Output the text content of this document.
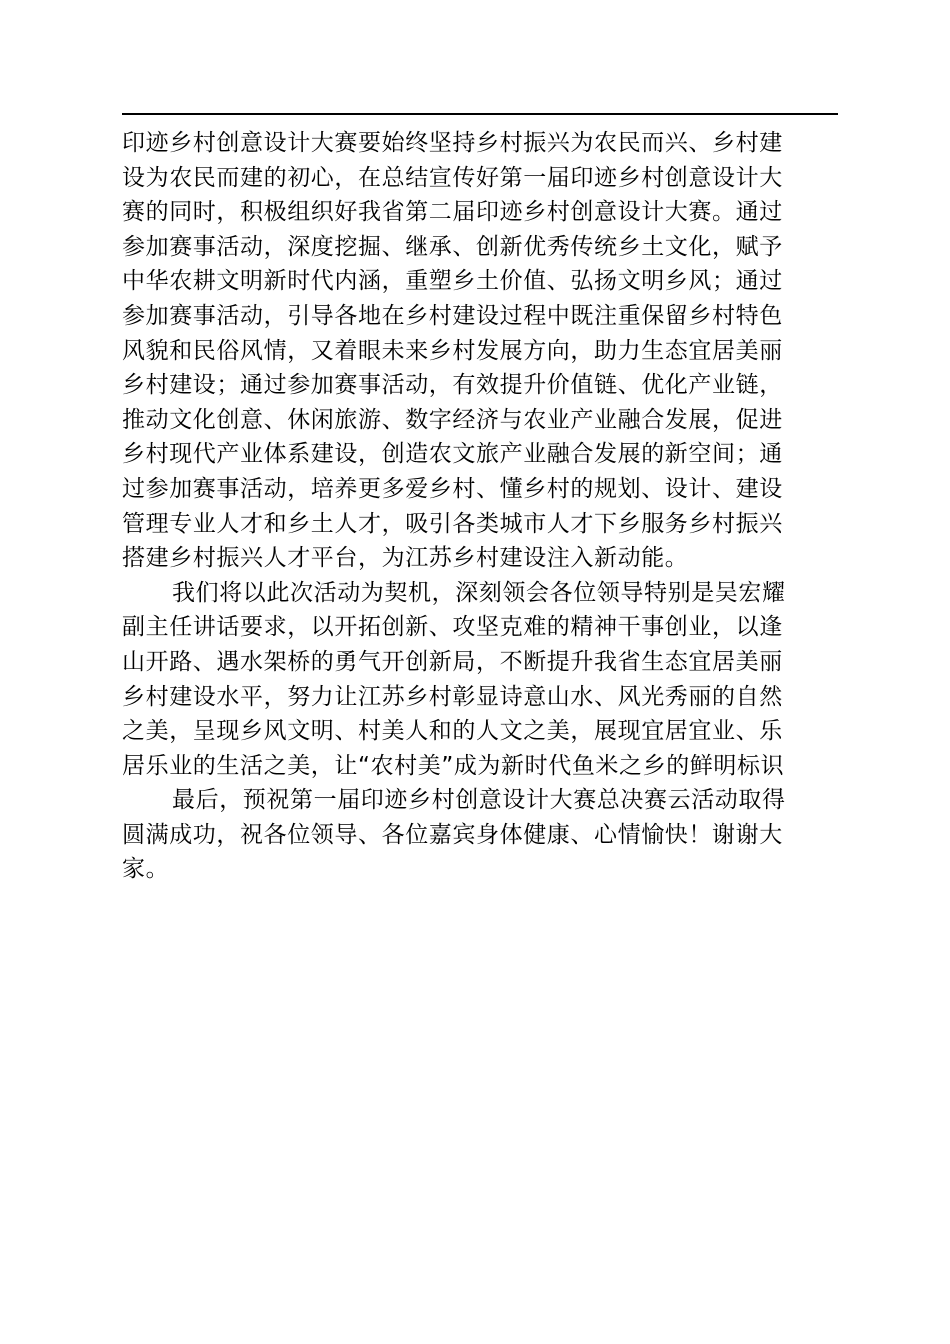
印迹乡村创意设计大赛要始终坚持乡村振兴为农民而兴、乡村建
设为农民而建的初心，在总结宣传好第一届印迹乡村创意设计大
赛的同时，积极组织好我省第二届印迹乡村创意设计大赛。通过
参加赛事活动，深度挖掘、继承、创新优秀传统乡土文化，赋予
中华农耕文明新时代内涵，重塑乡土价值、弘扬文明乡风；通过
参加赛事活动，引导各地在乡村建设过程中既注重保留乡村特色
风貌和民俗风情，又着眼未来乡村发展方向，助力生态宜居美丽
乡村建设；通过参加赛事活动，有效提升价值链、优化产业链，
推动文化创意、休闲旅游、数字经济与农业产业融合发展，促进
乡村现代产业体系建设，创造农文旅产业融合发展的新空间；通
过参加赛事活动，培养更多爱乡村、懂乡村的规划、设计、建设
管理专业人才和乡土人才，吸引各类城市人才下乡服务乡村振兴
搭建乡村振兴人才平台，为江苏乡村建设注入新动能。
我们将以此次活动为契机，深刻领会各位领导特别是吴宏耀
副主任讲话要求，以开拓创新、攻坚克难的精神干事创业，以逢
山开路、遇水架桥的勇气开创新局，不断提升我省生态宜居美丽
乡村建设水平，努力让江苏乡村彰显诗意山水、风光秀丽的自然
之美，呈现乡风文明、村美人和的人文之美，展现宜居宜业、乐
居乐业的生活之美，让“农村美”成为新时代鱼米之乡的鲜明标识
最后，预祝第一届印迹乡村创意设计大赛总决赛云活动取得
圆满成功，祝各位领导、各位嘉宾身体健康、心情愉快！谢谢大
家。
